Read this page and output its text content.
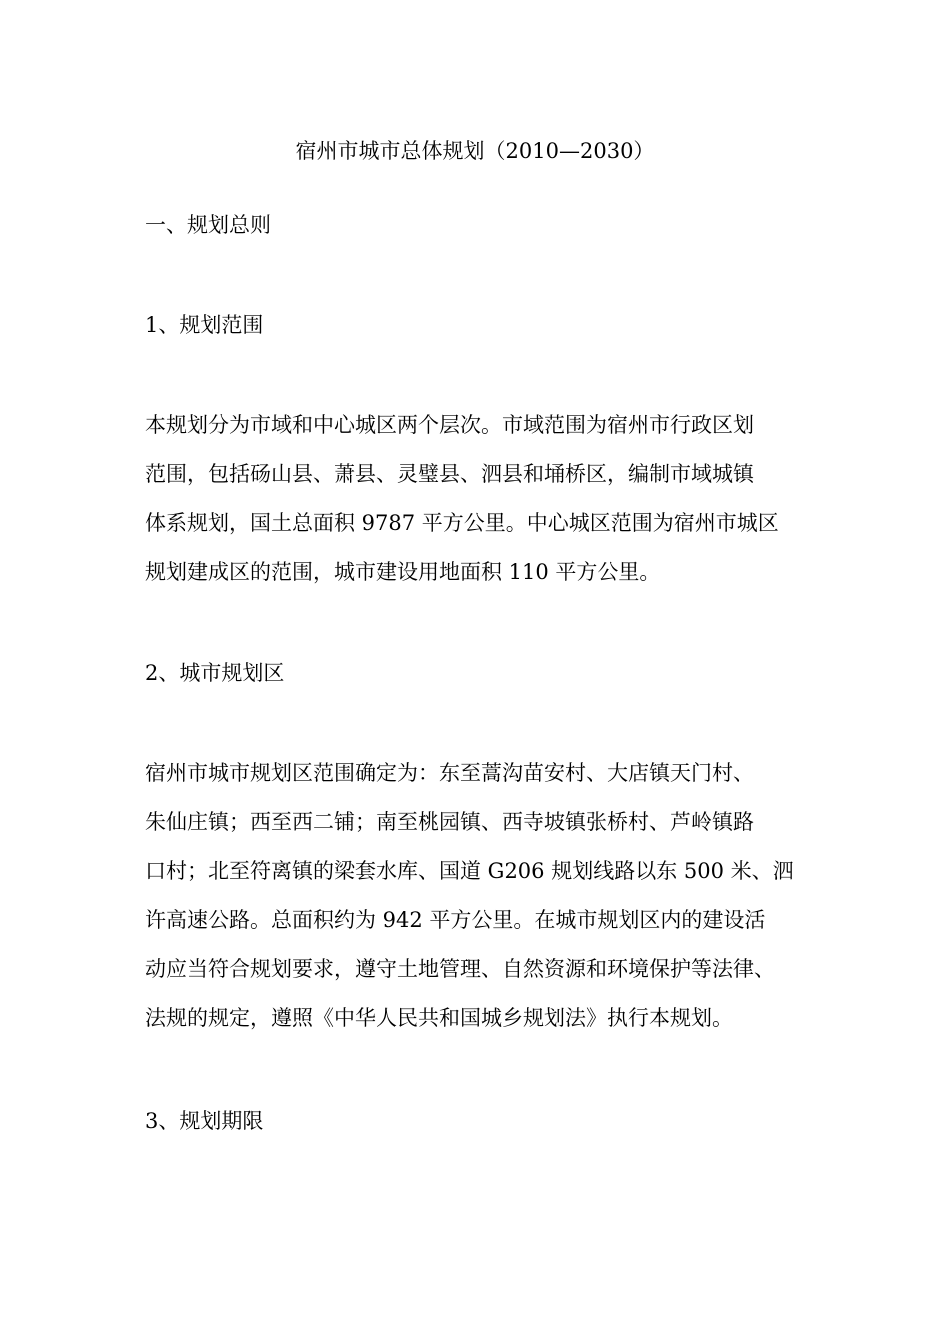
宿州市城市总体规划（2010—2030）
一、规划总则
1、规划范围
本规划分为市域和中心城区两个层次。市域范围为宿州市行政区划
范围，包括砀山县、萧县、灵璧县、泗县和埇桥区，编制市域城镇
体系规划，国土总面积 9787 平方公里。中心城区范围为宿州市城区
规划建成区的范围，城市建设用地面积 110 平方公里。
2、城市规划区
宿州市城市规划区范围确定为：东至蒿沟苗安村、大店镇天门村、
朱仙庄镇；西至西二铺；南至桃园镇、西寺坡镇张桥村、芦岭镇路
口村；北至符离镇的梁套水库、国道 G206 规划线路以东 500 米、泗
许高速公路。总面积约为 942 平方公里。在城市规划区内的建设活
动应当符合规划要求，遵守土地管理、自然资源和环境保护等法律、
法规的规定，遵照《中华人民共和国城乡规划法》执行本规划。
3、规划期限
